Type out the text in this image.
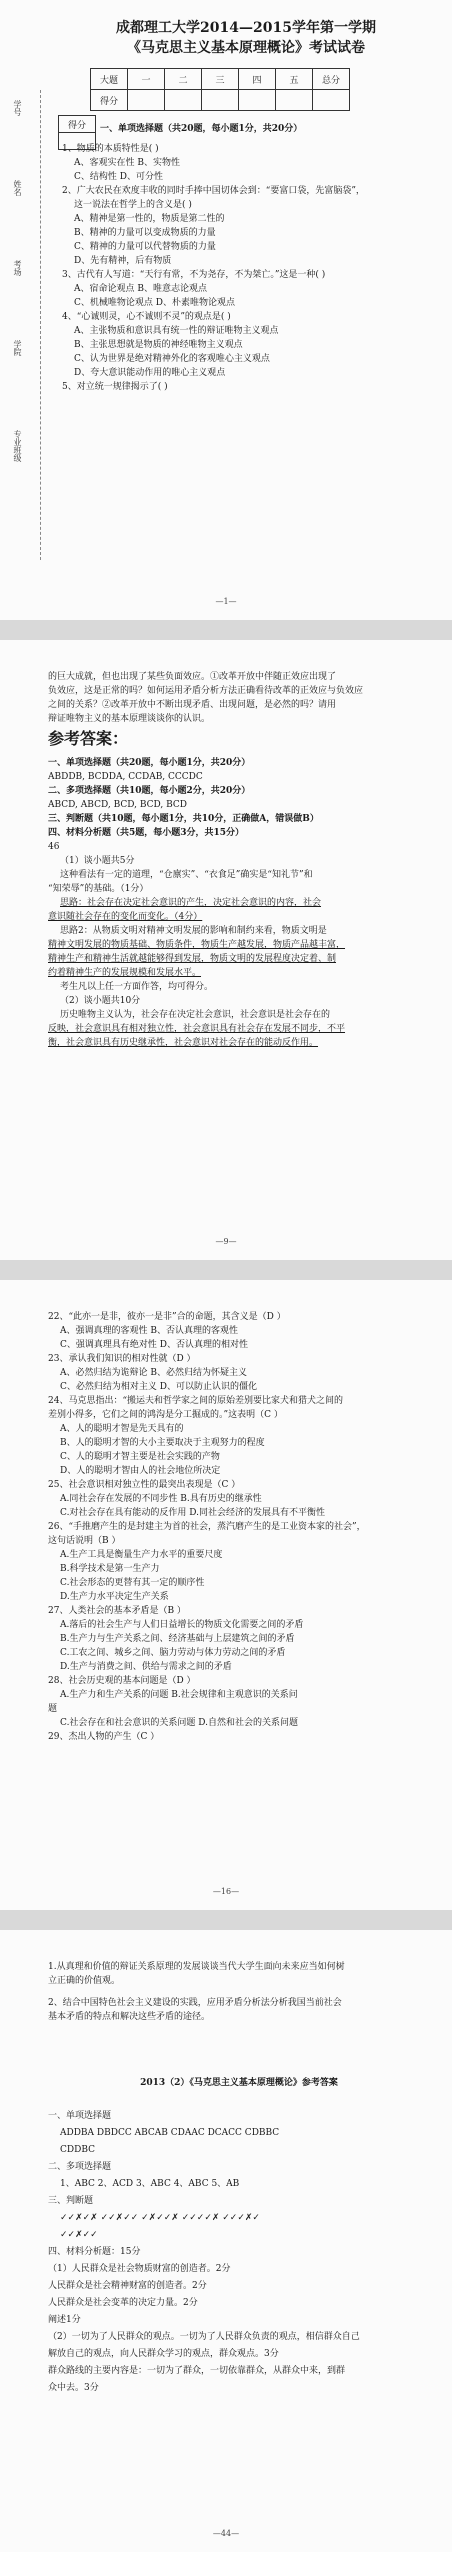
学号
姓名
考场
学院
专业班级
成都理工大学2014—2015学年第一学期
《马克思主义基本原理概论》考试试卷
大题	一	二	三	四	五	总分
得分						
得分 一、单项选择题（共20题，每小题1分，共20分）
1、物质的本质特性是( )
A、客观实在性 B、实物性
C、结构性 D、可分性
2、广大农民在欢度丰收的同时手捧中国切体会到：“要富口袋，先富脑袋”，
这一说法在哲学上的含义是( )
A、精神是第一性的，物质是第二性的
B、精神的力量可以变成物质的力量
C、精神的力量可以代替物质的力量
D、先有精神，后有物质
3、古代有人写道：“天行有常，不为尧存，不为桀亡。”这是一种( )
A、宿命论观点 B、唯意志论观点
C、机械唯物论观点 D、朴素唯物论观点
4、“心诚则灵，心不诚则不灵”的观点是( )
A、主张物质和意识具有统一性的辩证唯物主义观点
B、主张思想就是物质的神经唯物主义观点
C、认为世界是绝对精神外化的客观唯心主义观点
D、夸大意识能动作用的唯心主义观点
5、对立统一规律揭示了( )
—1—
的巨大成就，但也出现了某些负面效应。①改革开放中伴随正效应出现了
负效应，这是正常的吗？如何运用矛盾分析方法正确看待改革的正效应与负效应
之间的关系？②改革开放中不断出现矛盾、出现问题，是必然的吗？请用
辩证唯物主义的基本原理谈谈你的认识。
参考答案：
一、单项选择题（共20题，每小题1分，共20分）
ABDDB, BCDDA, CCDAB, CCCDC
二、多项选择题（共10题，每小题2分，共20分）
ABCD, ABCD, BCD, BCD, BCD
三、判断题（共10题，每小题1分，共10分，正确做A，错误做B）
四、材料分析题（共5题，每小题3分，共15分）
46
（1）谈小题共5分
这种看法有一定的道理，“仓廪实”、“衣食足”确实是“知礼节”和
“知荣辱”的基础。（1分）
思路：社会存在决定社会意识的产生，决定社会意识的内容，社会
意识随社会存在的变化而变化。（4分）
思路2：从物质文明对精神文明发展的影响和制约来看，物质文明是
精神文明发展的物质基础、物质条件，物质生产越发展，物质产品越丰富，
精神生产和精神生活就越能够得到发展，物质文明的发展程度决定着、制
约着精神生产的发展规模和发展水平。
考生凡以上任一方面作答，均可得分。
（2）谈小题共10分
历史唯物主义认为，社会存在决定社会意识，社会意识是社会存在的
反映，社会意识具有相对独立性，社会意识具有社会存在发展不同步，不平
衡，社会意识具有历史继承性，社会意识对社会存在的能动反作用。
—9—
22、“此亦一是非，彼亦一是非”合的命题，其含义是（D ）
A、强调真理的客观性 B、否认真理的客观性
C、强调真理具有绝对性 D、否认真理的相对性
23、承认我们知识的相对性就（D ）
A、必然归结为诡辩论 B、必然归结为怀疑主义
C、必然归结为相对主义 D、可以防止认识的僵化
24、马克思指出：“搬运夫和哲学家之间的原始差别要比家犬和猎犬之间的
差别小得多，它们之间的鸿沟是分工掘成的。”这表明（C ）
A、人的聪明才智是先天具有的
B、人的聪明才智的大小主要取决于主观努力的程度
C、人的聪明才智主要是社会实践的产物
D、人的聪明才智由人的社会地位所决定
25、社会意识相对独立性的最突出表现是（C ）
A.同社会存在发展的不同步性 B.具有历史的继承性
C.对社会存在具有能动的反作用 D.同社会经济的发展具有不平衡性
26、“手推磨产生的是封建主为首的社会，蒸汽磨产生的是工业资本家的社会”，
这句话说明（B ）
A.生产工具是衡量生产力水平的重要尺度
B.科学技术是第一生产力
C.社会形态的更替有其一定的顺序性
D.生产力水平决定生产关系
27、人类社会的基本矛盾是（B ）
A.落后的社会生产与人们日益增长的物质文化需要之间的矛盾
B.生产力与生产关系之间、经济基础与上层建筑之间的矛盾
C.工农之间、城乡之间、脑力劳动与体力劳动之间的矛盾
D.生产与消费之间、供给与需求之间的矛盾
28、社会历史观的基本问题是（D ）
A.生产力和生产关系的问题 B.社会规律和主观意识的关系问
题
C.社会存在和社会意识的关系问题 D.自然和社会的关系问题
29、杰出人物的产生（C ）
—16—
1.从真理和价值的辩证关系原理的发展谈谈当代大学生面向未来应当如何树
立正确的价值观。
2、结合中国特色社会主义建设的实践，应用矛盾分析法分析我国当前社会
基本矛盾的特点和解决这些矛盾的途径。
2013（2）《马克思主义基本原理概论》参考答案
一、单项选择题
ADDBA DBDCC ABCAB CDAAC DCACC CDBBC
CDDBC
二、多项选择题
1、ABC 2、ACD 3、ABC 4、ABC 5、AB
三、判断题
✓✓✗✓✗ ✓✓✗✓✓ ✓✗✓✓✗ ✓✓✓✓✗ ✓✓✓✗✓
✓✓✗✓✓
四、材料分析题：15分
（1）人民群众是社会物质财富的创造者。2分
人民群众是社会精神财富的创造者。2分
人民群众是社会变革的决定力量。2分
阐述1分
（2）一切为了人民群众的观点。一切为了人民群众负责的观点，相信群众自己
解放自己的观点，向人民群众学习的观点，群众观点。3分
群众路线的主要内容是：一切为了群众，一切依靠群众，从群众中来，到群
众中去。3分
—44—
